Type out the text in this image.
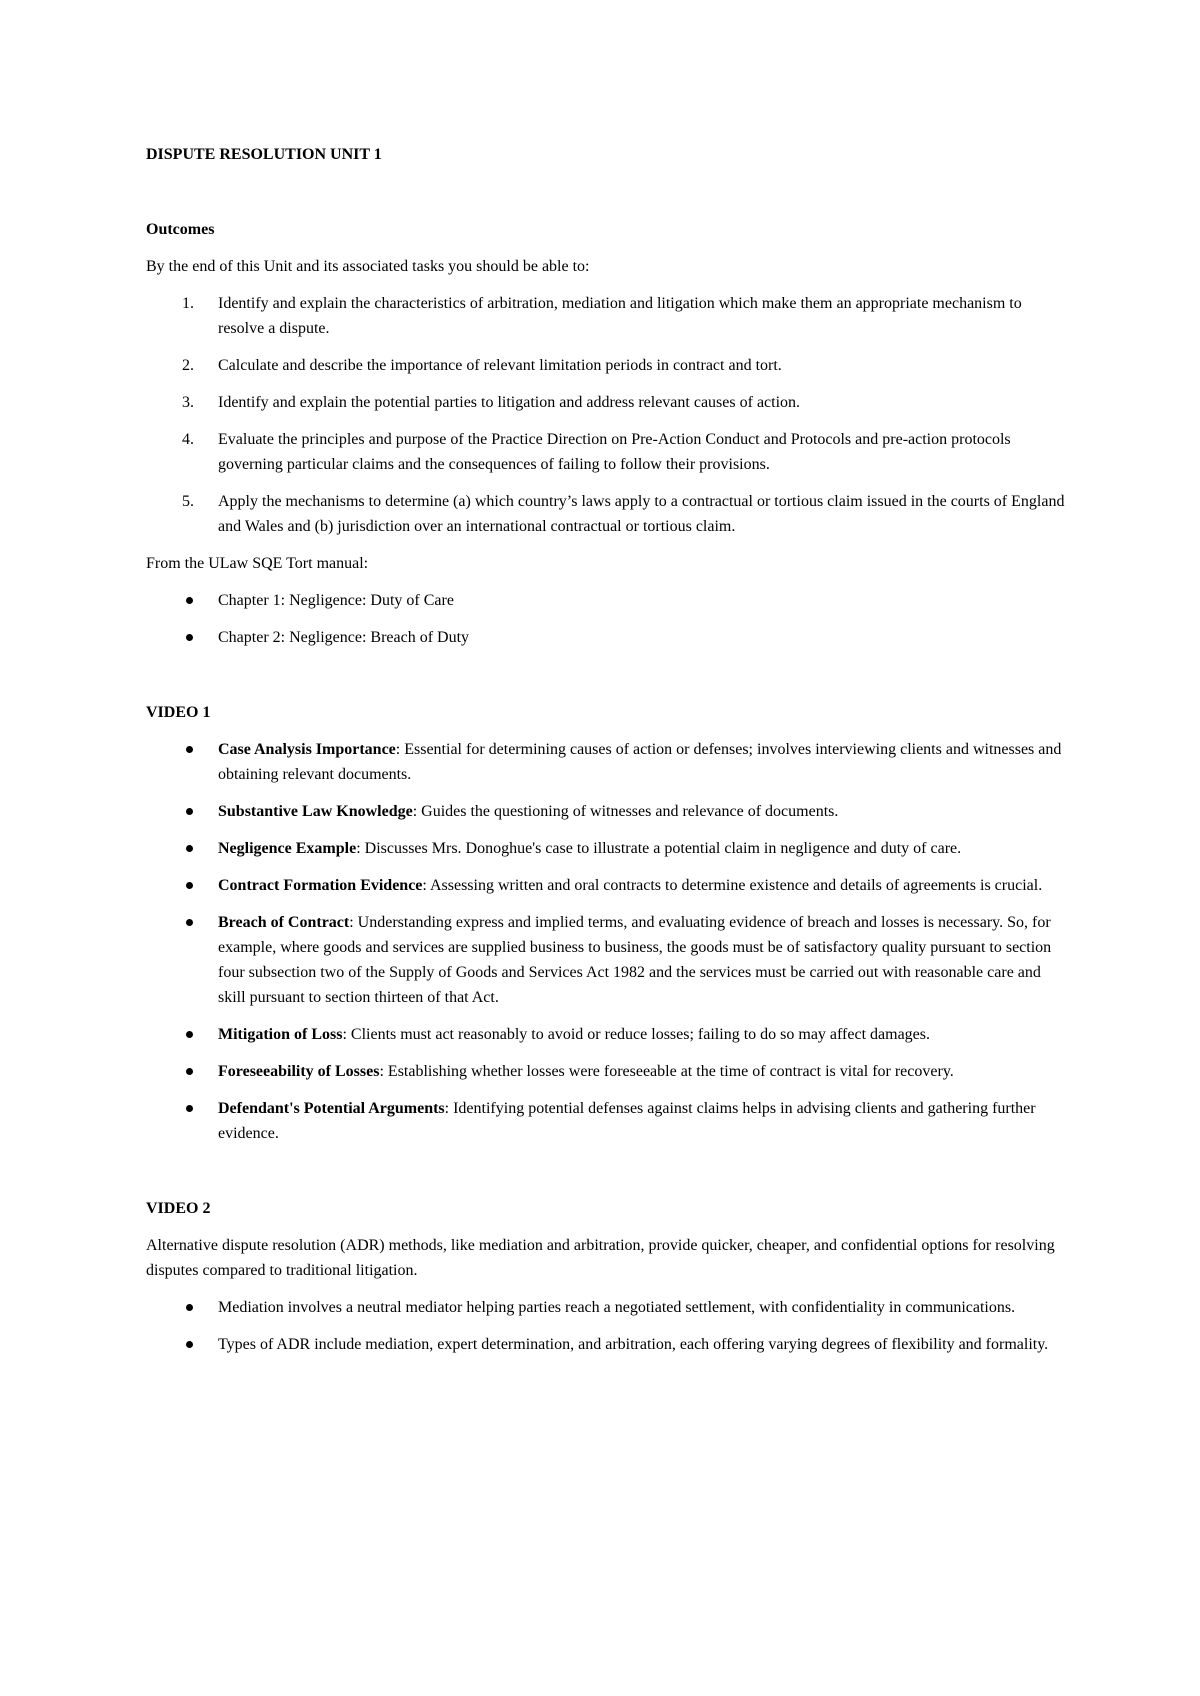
DISPUTE RESOLUTION UNIT 1

Outcomes

By the end of this Unit and its associated tasks you should be able to:

1. Identify and explain the characteristics of arbitration, mediation and litigation which make them an appropriate mechanism to resolve a dispute.
2. Calculate and describe the importance of relevant limitation periods in contract and tort.
3. Identify and explain the potential parties to litigation and address relevant causes of action.
4. Evaluate the principles and purpose of the Practice Direction on Pre-Action Conduct and Protocols and pre-action protocols governing particular claims and the consequences of failing to follow their provisions.
5. Apply the mechanisms to determine (a) which country’s laws apply to a contractual or tortious claim issued in the courts of England and Wales and (b) jurisdiction over an international contractual or tortious claim.

From the ULaw SQE Tort manual:

Chapter 1: Negligence: Duty of Care
Chapter 2: Negligence: Breach of Duty

VIDEO 1

Case Analysis Importance: Essential for determining causes of action or defenses; involves interviewing clients and witnesses and obtaining relevant documents.
Substantive Law Knowledge: Guides the questioning of witnesses and relevance of documents.
Negligence Example: Discusses Mrs. Donoghue's case to illustrate a potential claim in negligence and duty of care.
Contract Formation Evidence: Assessing written and oral contracts to determine existence and details of agreements is crucial.
Breach of Contract: Understanding express and implied terms, and evaluating evidence of breach and losses is necessary. So, for example, where goods and services are supplied business to business, the goods must be of satisfactory quality pursuant to section four subsection two of the Supply of Goods and Services Act 1982 and the services must be carried out with reasonable care and skill pursuant to section thirteen of that Act.
Mitigation of Loss: Clients must act reasonably to avoid or reduce losses; failing to do so may affect damages.
Foreseeability of Losses: Establishing whether losses were foreseeable at the time of contract is vital for recovery.
Defendant's Potential Arguments: Identifying potential defenses against claims helps in advising clients and gathering further evidence.

VIDEO 2

Alternative dispute resolution (ADR) methods, like mediation and arbitration, provide quicker, cheaper, and confidential options for resolving disputes compared to traditional litigation.

Mediation involves a neutral mediator helping parties reach a negotiated settlement, with confidentiality in communications.
Types of ADR include mediation, expert determination, and arbitration, each offering varying degrees of flexibility and formality.
